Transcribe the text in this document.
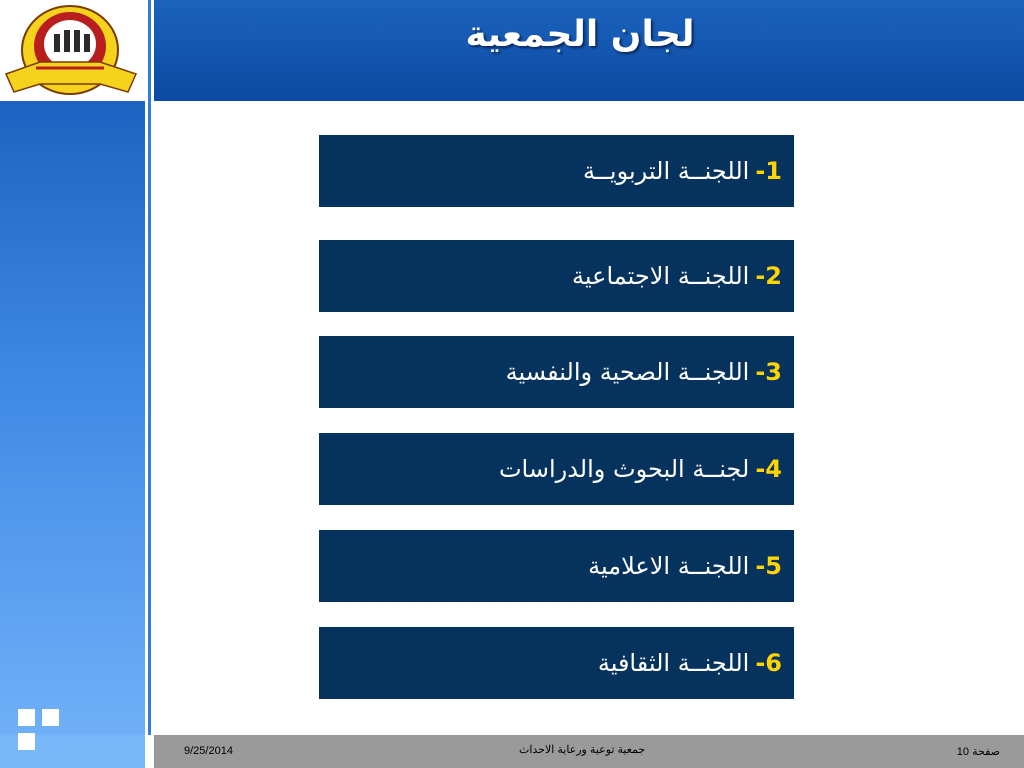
لجان الجمعية
1-
اللجنــة التربويــة
2-
اللجنــة الاجتماعية
3-
اللجنــة الصحية والنفسية
4-
لجنــة البحوث والدراسات
5-
اللجنــة الاعلامية
6-
اللجنــة الثقافية
9/25/2014	جمعية توعية ورعاية الاحداث	صفحة 10
